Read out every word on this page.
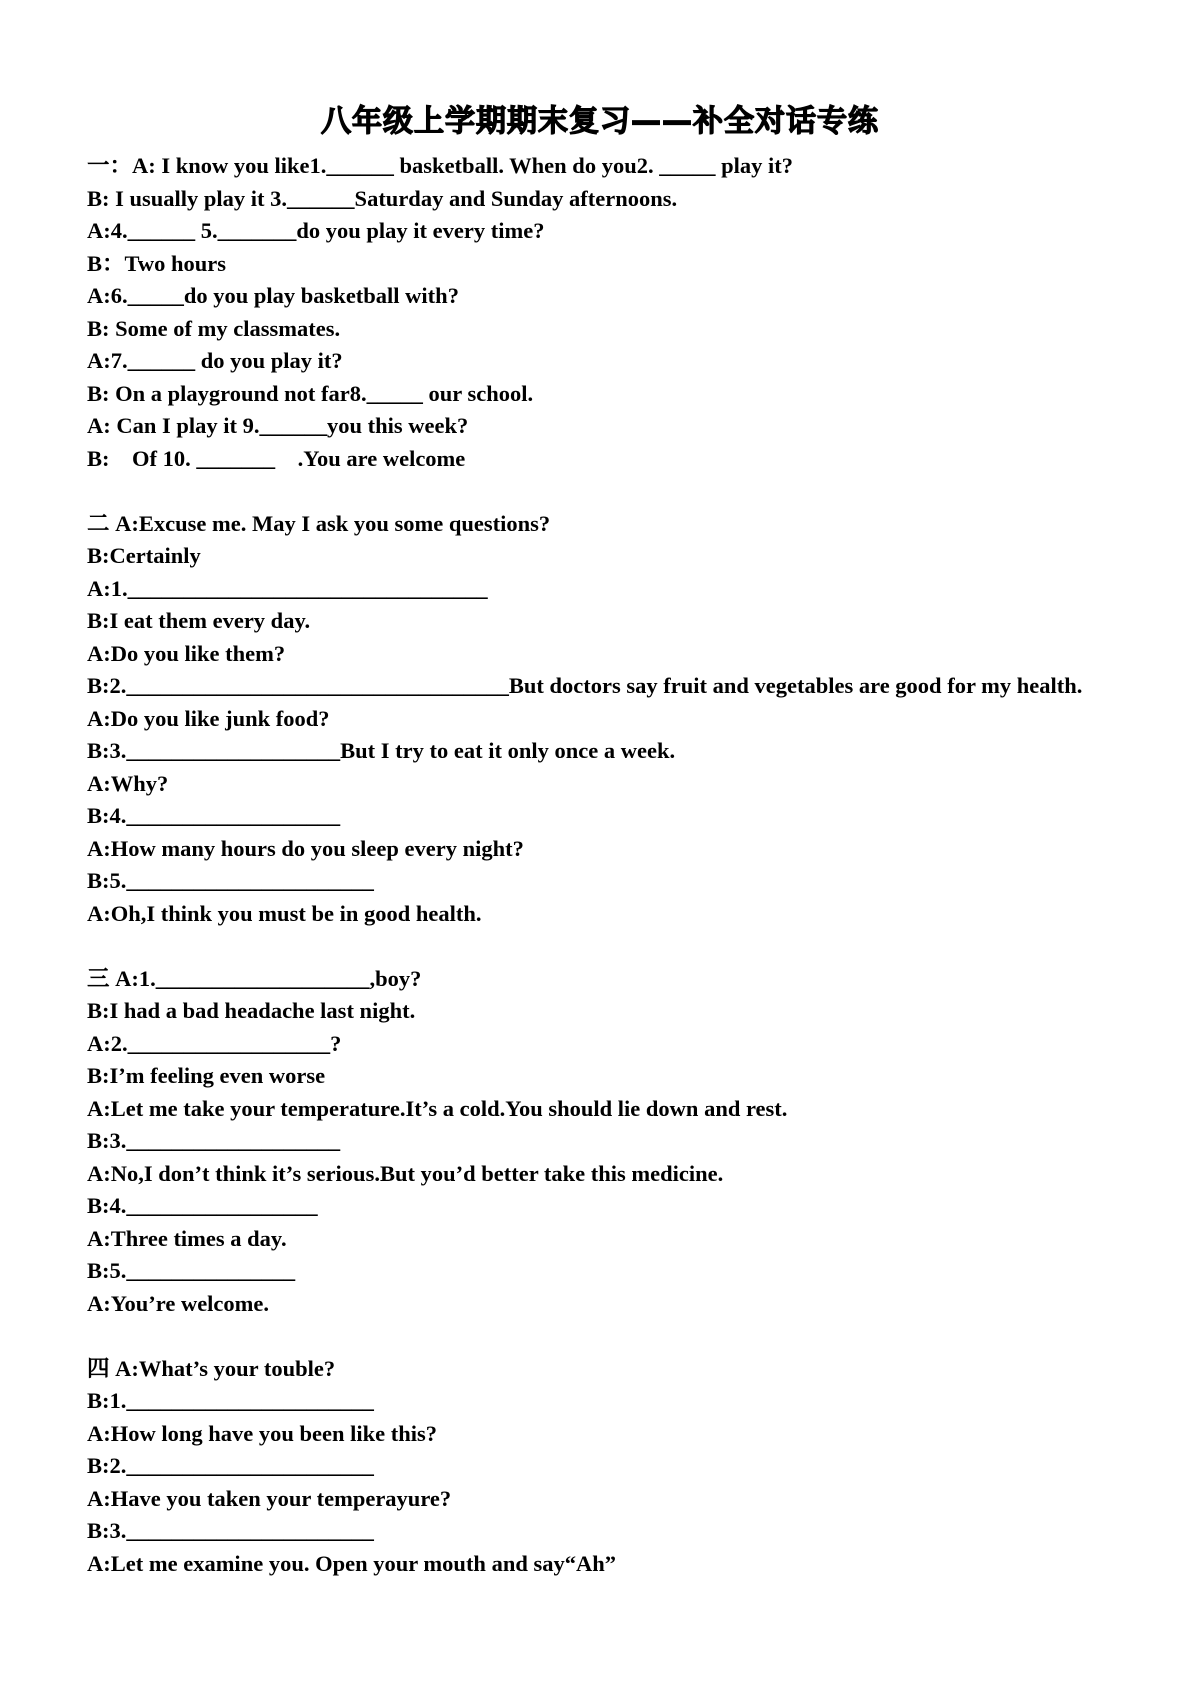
八年级上学期期末复习——补全对话专练
一：A: I know you like1.______ basketball. When do you2. _____ play it?
B: I usually play it 3.______Saturday and Sunday afternoons.
A:4.______ 5._______do you play it every time?
B：Two hours
A:6._____do you play basketball with?
B: Some of my classmates.
A:7.______ do you play it?
B: On a playground not far8._____ our school.
A: Can I play it 9.______you this week?
B:    Of 10. _______    .You are welcome
二 A:Excuse me. May I ask you some questions?
B:Certainly
A:1.________________________________
B:I eat them every day.
A:Do you like them?
B:2.__________________________________But doctors say fruit and vegetables are good for my health.
A:Do you like junk food?
B:3.___________________But I try to eat it only once a week.
A:Why?
B:4.___________________
A:How many hours do you sleep every night?
B:5.______________________
A:Oh,I think you must be in good health.
三 A:1.___________________,boy?
B:I had a bad headache last night.
A:2.__________________?
B:I’m feeling even worse
A:Let me take your temperature.It’s a cold.You should lie down and rest.
B:3.___________________
A:No,I don’t think it’s serious.But you’d better take this medicine.
B:4._________________
A:Three times a day.
B:5._______________
A:You’re welcome.
四 A:What’s your touble?
B:1.______________________
A:How long have you been like this?
B:2.______________________
A:Have you taken your temperayure?
B:3.______________________
A:Let me examine you. Open your mouth and say“Ah”
